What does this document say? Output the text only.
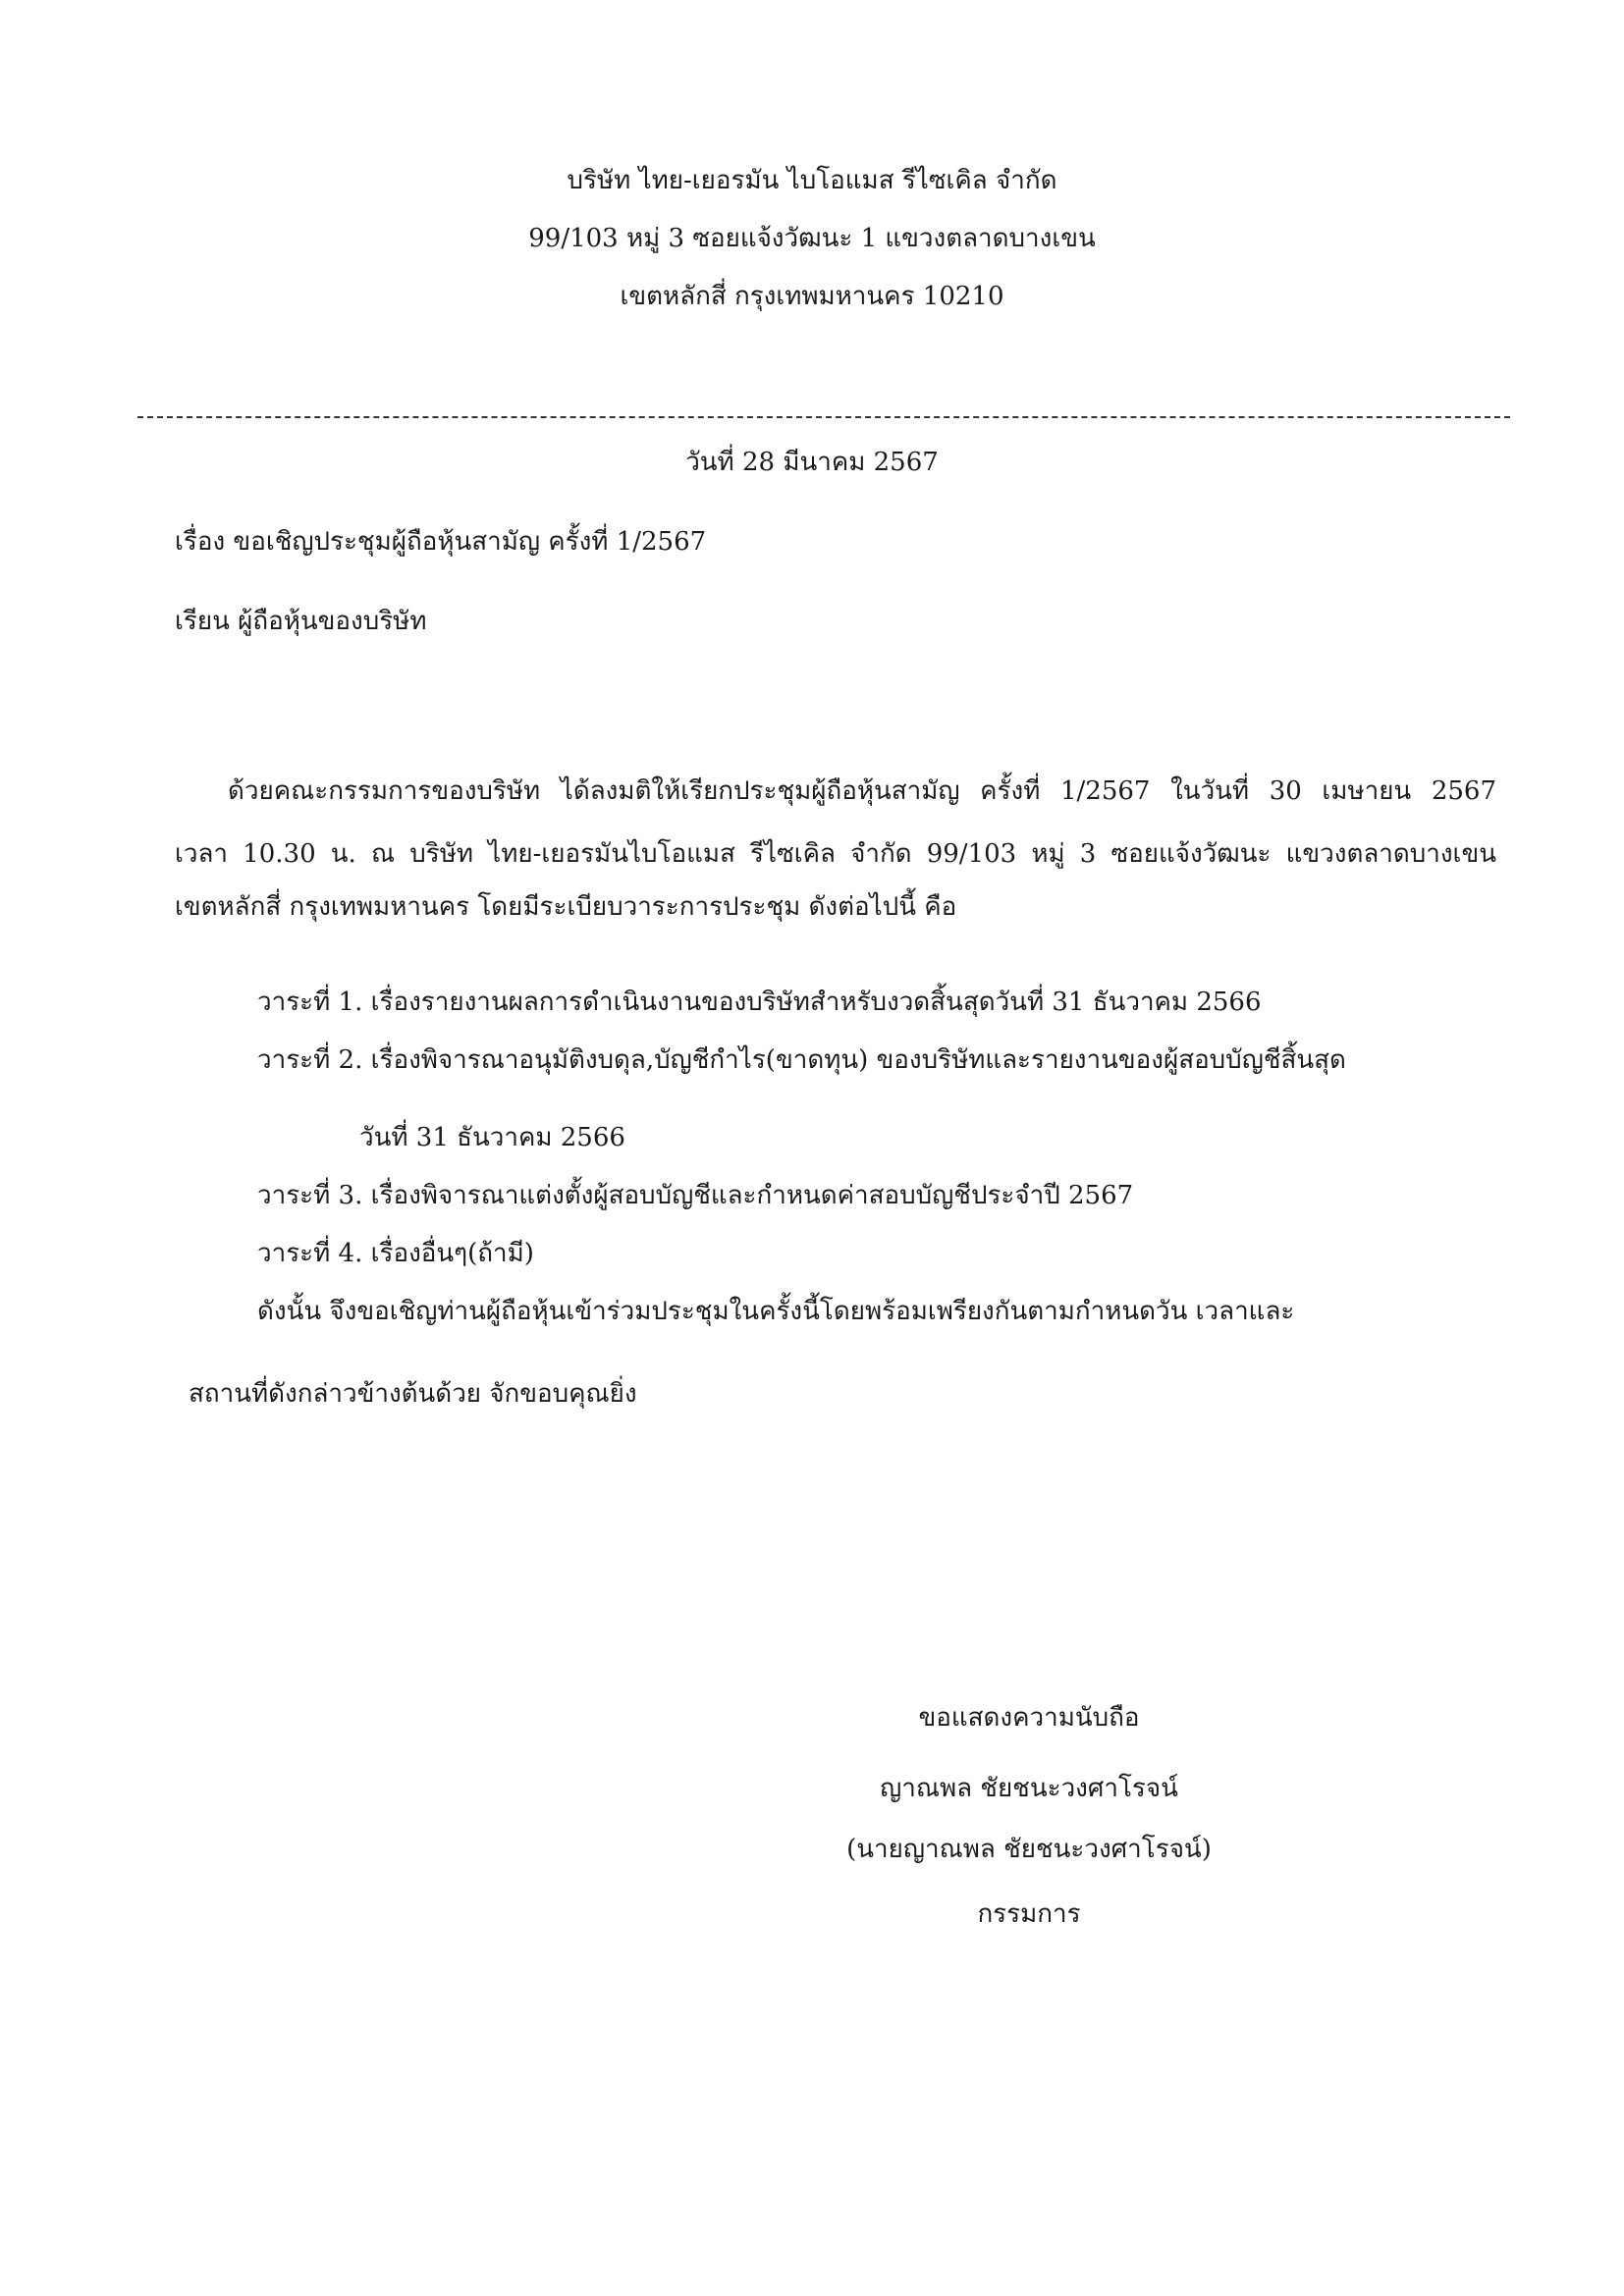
บริษัท ไทย-เยอรมัน ไบโอแมส รีไซเคิล จำกัด
99/103 หมู่ 3 ซอยแจ้งวัฒนะ 1 แขวงตลาดบางเขน
เขตหลักสี่ กรุงเทพมหานคร 10210
วันที่ 28 มีนาคม 2567
เรื่อง ขอเชิญประชุมผู้ถือหุ้นสามัญ ครั้งที่ 1/2567
เรียน ผู้ถือหุ้นของบริษัท
ด้วยคณะกรรมการของบริษัท ได้ลงมติให้เรียกประชุมผู้ถือหุ้นสามัญ ครั้งที่ 1/2567 ในวันที่ 30 เมษายน 2567
เวลา 10.30 น. ณ บริษัท ไทย-เยอรมันไบโอแมส รีไซเคิล จำกัด 99/103 หมู่ 3 ซอยแจ้งวัฒนะ แขวงตลาดบางเขน
เขตหลักสี่ กรุงเทพมหานคร โดยมีระเบียบวาระการประชุม ดังต่อไปนี้ คือ
วาระที่ 1. เรื่องรายงานผลการดำเนินงานของบริษัทสำหรับงวดสิ้นสุดวันที่ 31 ธันวาคม 2566
วาระที่ 2. เรื่องพิจารณาอนุมัติงบดุล,บัญชีกำไร(ขาดทุน) ของบริษัทและรายงานของผู้สอบบัญชีสิ้นสุด
วันที่ 31 ธันวาคม 2566
วาระที่ 3. เรื่องพิจารณาแต่งตั้งผู้สอบบัญชีและกำหนดค่าสอบบัญชีประจำปี 2567
วาระที่ 4. เรื่องอื่นๆ(ถ้ามี)
ดังนั้น จึงขอเชิญท่านผู้ถือหุ้นเข้าร่วมประชุมในครั้งนี้โดยพร้อมเพรียงกันตามกำหนดวัน เวลาและ
สถานที่ดังกล่าวข้างต้นด้วย จักขอบคุณยิ่ง
ขอแสดงความนับถือ
ญาณพล ชัยชนะวงศาโรจน์
(นายญาณพล ชัยชนะวงศาโรจน์)
กรรมการ
